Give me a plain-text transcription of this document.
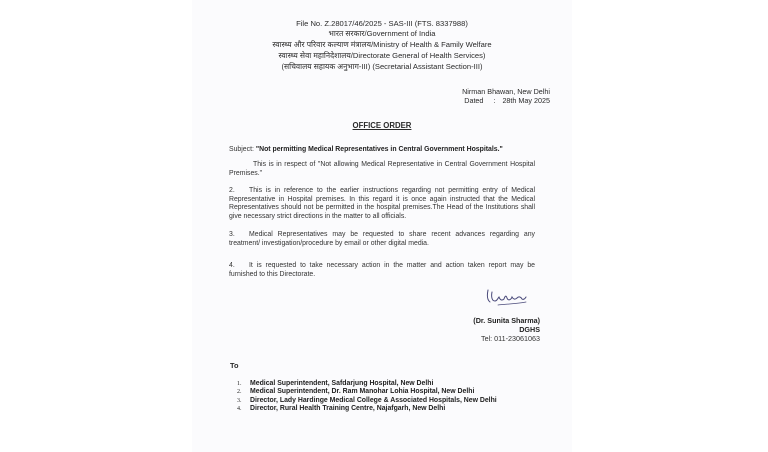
File No. Z.28017/46/2025 - SAS-III (FTS. 8337988)
भारत सरकार/Government of India
स्वास्थ्य और परिवार कल्याण मंत्रालय/Ministry of Health & Family Welfare
स्वास्थ्य सेवा महानिदेशालय/Directorate General of Health Services)
(सचिवालय सहायक अनुभाग-III) (Secretarial Assistant Section-III)
Nirman Bhawan, New Delhi
Dated : 28th May 2025
OFFICE ORDER
Subject: "Not permitting Medical Representatives in Central Government Hospitals."
This is in respect of "Not allowing Medical Representative in Central Government Hospital Premises."
2. This is in reference to the earlier instructions regarding not permitting entry of Medical Representative in Hospital premises. In this regard it is once again instructed that the Medical Representatives should not be permitted in the hospital premises.The Head of the Institutions shall give necessary strict directions in the matter to all officials.
3. Medical Representatives may be requested to share recent advances regarding any treatment/ investigation/procedure by email or other digital media.
4. It is requested to take necessary action in the matter and action taken report may be furnished to this Directorate.
(Dr. Sunita Sharma)
DGHS
Tel: 011-23061063
To
1. Medical Superintendent, Safdarjung Hospital, New Delhi
2. Medical Superintendent, Dr. Ram Manohar Lohia Hospital, New Delhi
3. Director, Lady Hardinge Medical College & Associated Hospitals, New Delhi
4. Director, Rural Health Training Centre, Najafgarh, New Delhi
